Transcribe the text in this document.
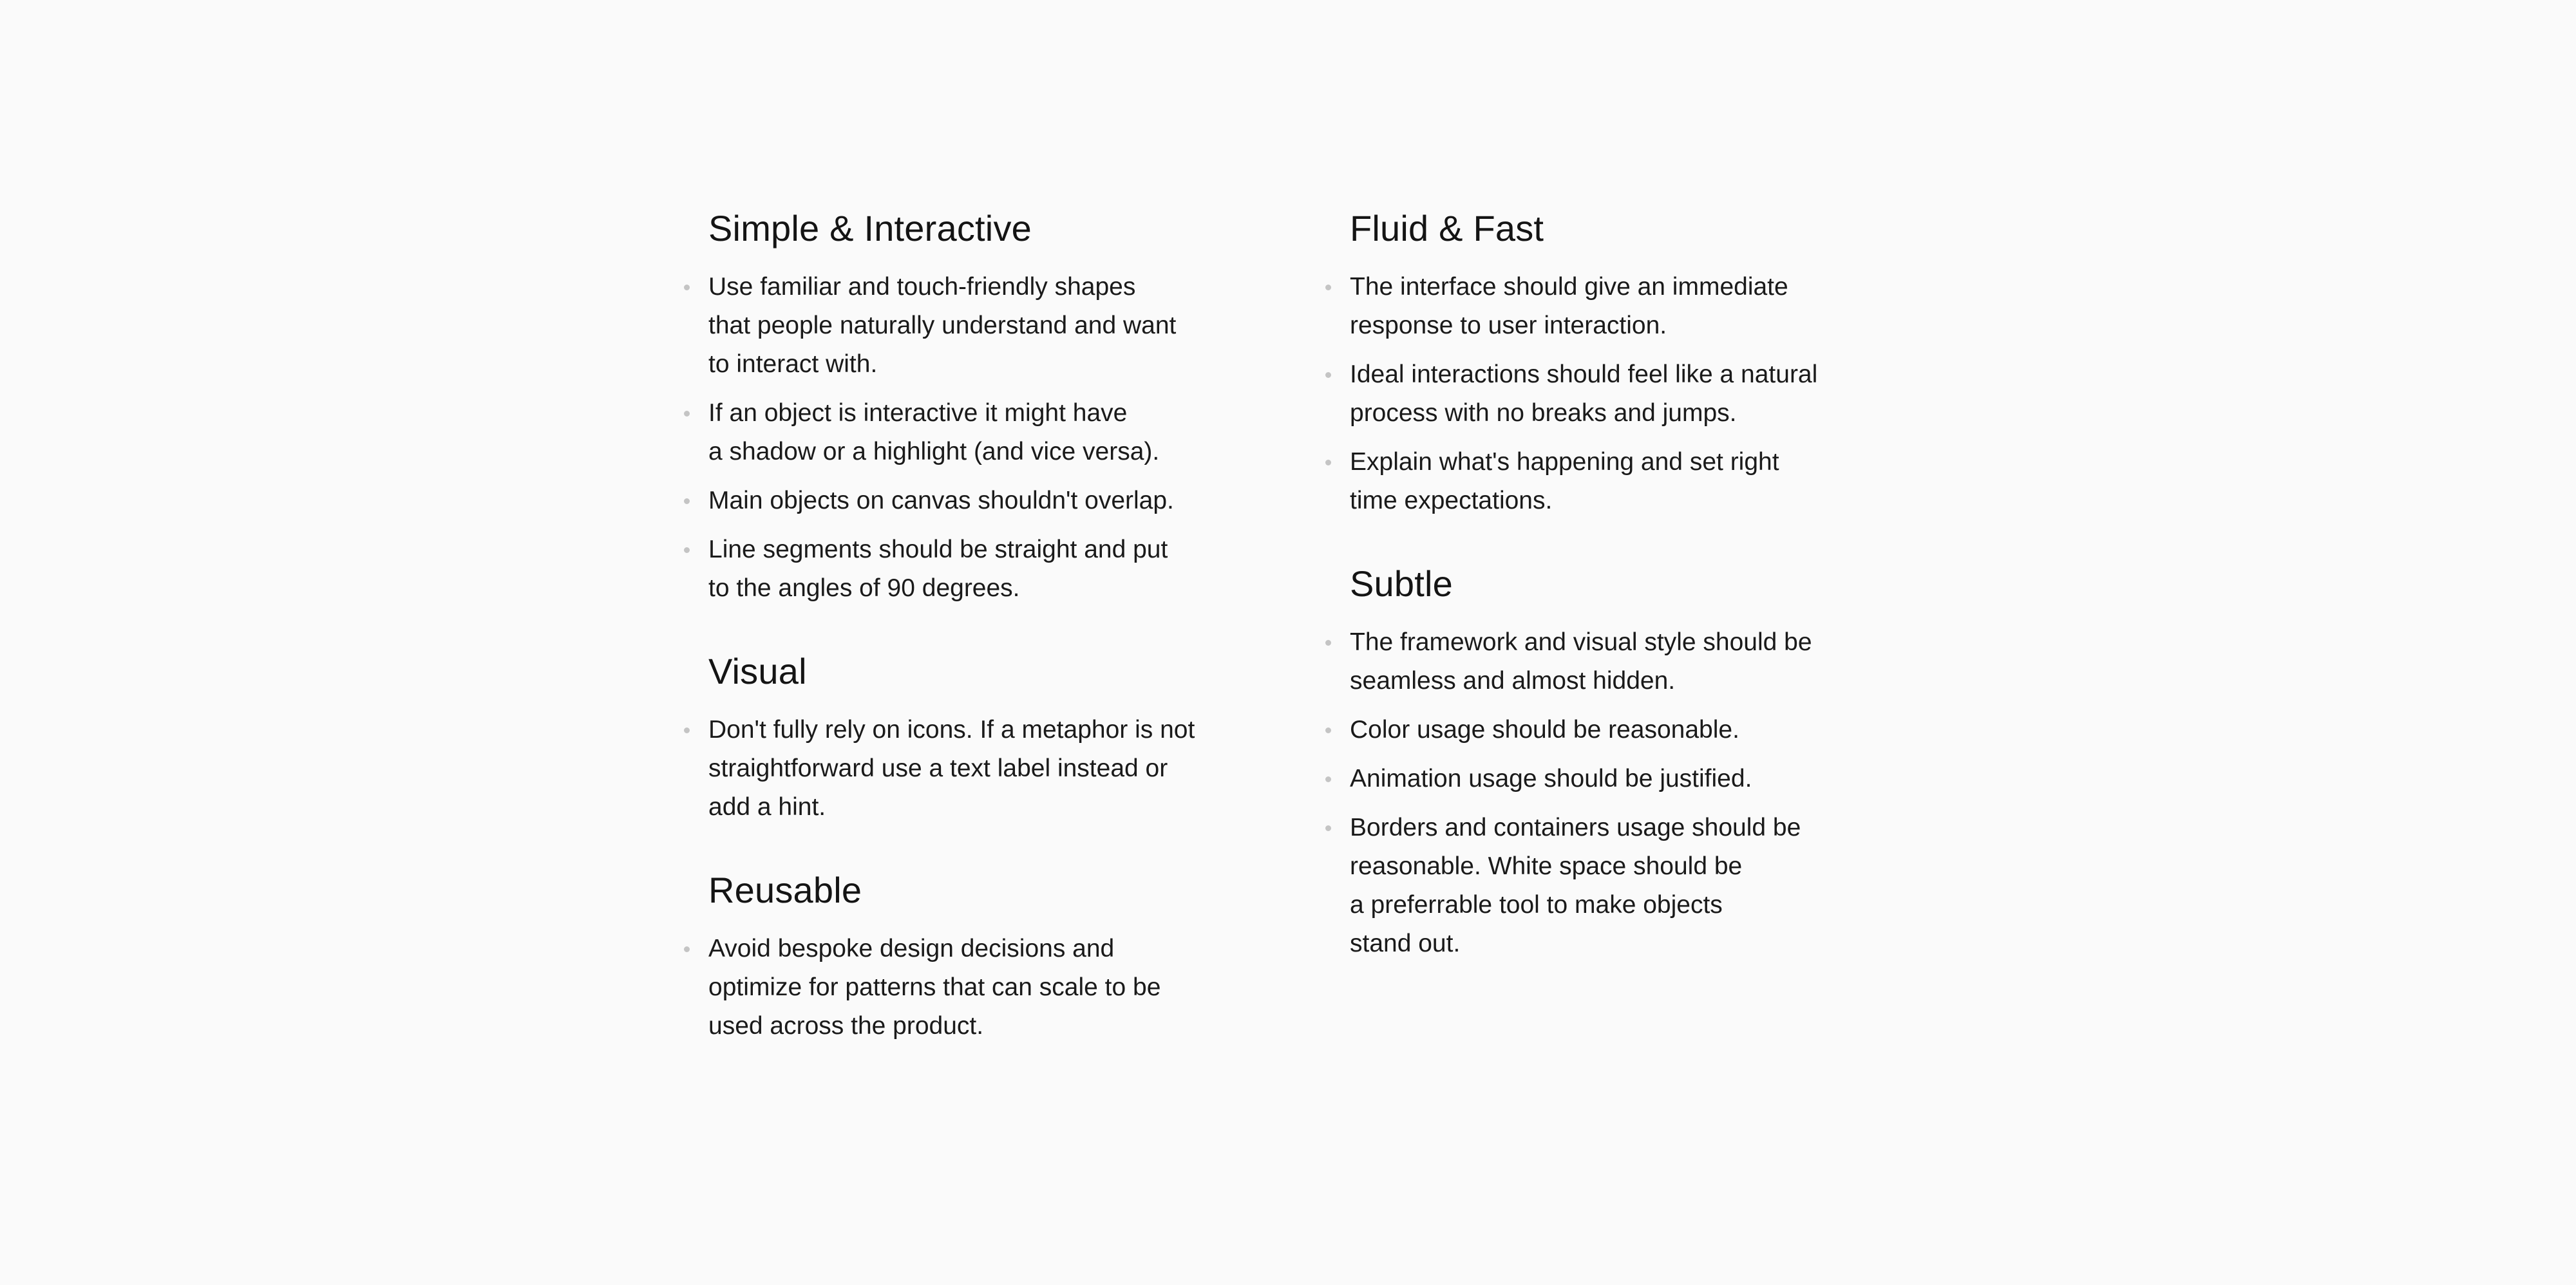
Simple & Interactive
Use familiar and touch-friendly shapes
that people naturally understand and want
to interact with.
If an object is interactive it might have
a shadow or a highlight (and vice versa).
Main objects on canvas shouldn't overlap.
Line segments should be straight and put
to the angles of 90 degrees.
Visual
Don't fully rely on icons. If a metaphor is not
straightforward use a text label instead or
add a hint.
Reusable
Avoid bespoke design decisions and
optimize for patterns that can scale to be
used across the product.
Fluid & Fast
The interface should give an immediate
response to user interaction.
Ideal interactions should feel like a natural
process with no breaks and jumps.
Explain what's happening and set right
time expectations.
Subtle
The framework and visual style should be
seamless and almost hidden.
Color usage should be reasonable.
Animation usage should be justified.
Borders and containers usage should be
reasonable. White space should be
a preferrable tool to make objects
stand out.
